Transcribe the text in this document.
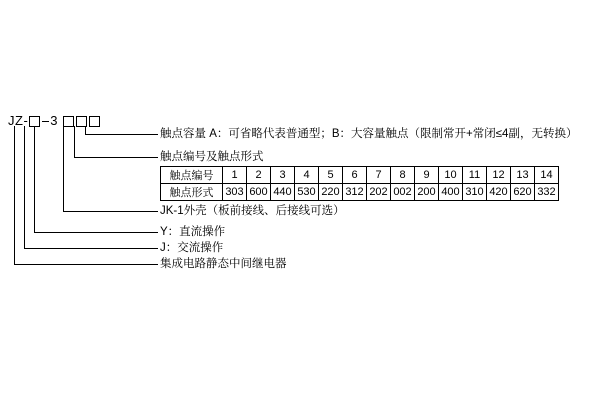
JZ- 3
触点容量 A：可省略代表普通型；B：大容量触点（限制常开+常闭≤4副，无转换）
触点编号及触点形式
JK-1外壳（板前接线、后接线可选）
Y：直流操作
J：交流操作
集成电路静态中间继电器
触点编号	1	2	3	4	5	6	7	8	9	10	11	12	13	14
触点形式	303	600	440	530	220	312	202	002	200	400	310	420	620	332
